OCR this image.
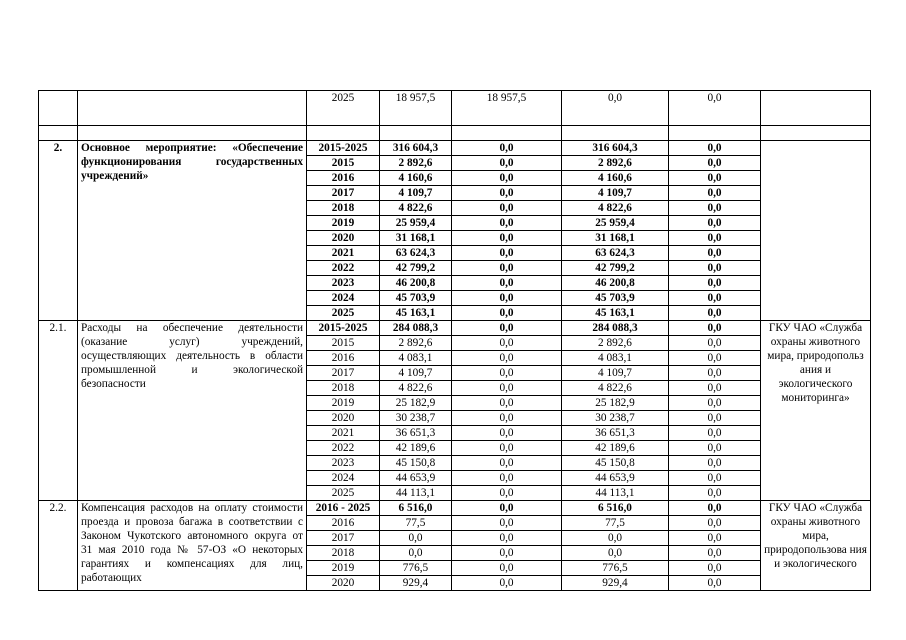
		2025	18 957,5	18 957,5	0,0	0,0	

2.	Основное мероприятие: «Обеспечение функционирования государственных учреждений»	2015-2025	316 604,3	0,0	316 604,3	0,0	
		2015	2 892,6	0,0	2 892,6	0,0	
		2016	4 160,6	0,0	4 160,6	0,0	
		2017	4 109,7	0,0	4 109,7	0,0	
		2018	4 822,6	0,0	4 822,6	0,0	
		2019	25 959,4	0,0	25 959,4	0,0	
		2020	31 168,1	0,0	31 168,1	0,0	
		2021	63 624,3	0,0	63 624,3	0,0	
		2022	42 799,2	0,0	42 799,2	0,0	
		2023	46 200,8	0,0	46 200,8	0,0	
		2024	45 703,9	0,0	45 703,9	0,0	
		2025	45 163,1	0,0	45 163,1	0,0	
2.1.	Расходы на обеспечение деятельности (оказание услуг) учреждений, осуществляющих деятельность в области промышленной и экологической безопасности	2015-2025	284 088,3	0,0	284 088,3	0,0	ГКУ ЧАО «Служба охраны животного мира, природопольз ания и экологического мониторинга»
		2015	2 892,6	0,0	2 892,6	0,0	
		2016	4 083,1	0,0	4 083,1	0,0	
		2017	4 109,7	0,0	4 109,7	0,0	
		2018	4 822,6	0,0	4 822,6	0,0	
		2019	25 182,9	0,0	25 182,9	0,0	
		2020	30 238,7	0,0	30 238,7	0,0	
		2021	36 651,3	0,0	36 651,3	0,0	
		2022	42 189,6	0,0	42 189,6	0,0	
		2023	45 150,8	0,0	45 150,8	0,0	
		2024	44 653,9	0,0	44 653,9	0,0	
		2025	44 113,1	0,0	44 113,1	0,0	
2.2.	Компенсация расходов на оплату стоимости проезда и провоза багажа в соответствии с Законом Чукотского автономного округа от 31 мая 2010 года № 57-ОЗ «О некоторых гарантиях и компенсациях для лиц, работающих	2016 - 2025	6 516,0	0,0	6 516,0	0,0	ГКУ ЧАО «Служба охраны животного мира, природопользова ния и экологического
		2016	77,5	0,0	77,5	0,0	
		2017	0,0	0,0	0,0	0,0	
		2018	0,0	0,0	0,0	0,0	
		2019	776,5	0,0	776,5	0,0	
		2020	929,4	0,0	929,4	0,0	
